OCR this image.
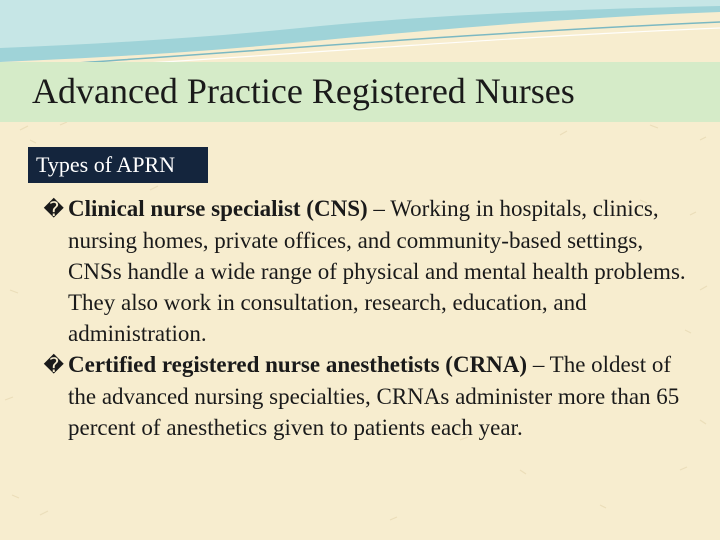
Advanced Practice Registered Nurses
Types of APRN

� Clinical nurse specialist (CNS) – Working in hospitals, clinics, nursing homes, private offices, and community-based settings, CNSs handle a wide range of physical and mental health problems. They also work in consultation, research, education, and administration.

� Certified registered nurse anesthetists (CRNA) – The oldest of the advanced nursing specialties, CRNAs administer more than 65 percent of anesthetics given to patients each year.
